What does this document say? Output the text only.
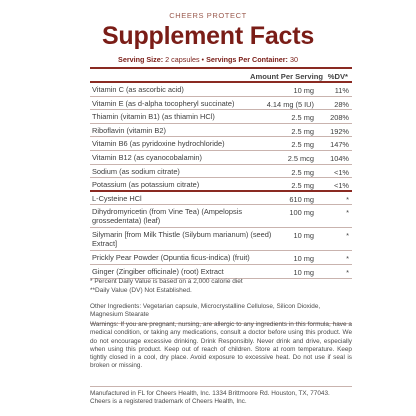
CHEERS PROTECT
Supplement Facts
Serving Size: 2 capsules • Servings Per Container: 30
Amount Per Serving %DV*
Vitamin C (as ascorbic acid)	10 mg	11%
Vitamin E (as d-alpha tocopheryl succinate)	4.14 mg (5 IU)	28%
Thiamin (vitamin B1) (as thiamin HCl)	2.5 mg 208%
Riboflavin (vitamin B2)	2.5 mg 192%
Vitamin B6 (as pyridoxine hydrochloride)	2.5 mg 147%
Vitamin B12 (as cyanocobalamin)	2.5 mcg 104%
Sodium (as sodium citrate)	2.5 mg	<1%
Potassium (as potassium citrate)	2.5 mg	<1%
L-Cysteine HCl	610 mg	*
Dihydromyricetin (from Vine Tea) (Ampelopsis grossedentata) (leaf)
100 mg	*
Silymarin [from Milk Thistle (Silybum marianum) (seed) Extract]
10 mg	*
Prickly Pear Powder (Opuntia ficus-indica) (fruit)	10 mg	*
Ginger (Zingiber officinale) (root) Extract	10 mg	*
* Percent Daily Value is based on a 2,000 calorie diet
**Daily Value (DV) Not Established.
Other Ingredients: Vegetarian capsule, Microcrystalline Cellulose, Silicon Dioxide, Magnesium Stearate
Warnings: If you are pregnant, nursing, are allergic to any ingredients in this formula, have a medical condition, or taking any medications, consult a doctor before using this product. We do not encourage excessive drinking. Drink Responsibly. Never drink and drive, especially when using this product. Keep out of reach of children. Store at room temperature. Keep tightly closed in a cool, dry place. Avoid exposure to excessive heat. Do not use if seal is broken or missing.
Manufactured in FL for Cheers Health, Inc. 1334 Brittmoore Rd. Houston, TX, 77043. Cheers is a registered trademark of Cheers Health, Inc.
